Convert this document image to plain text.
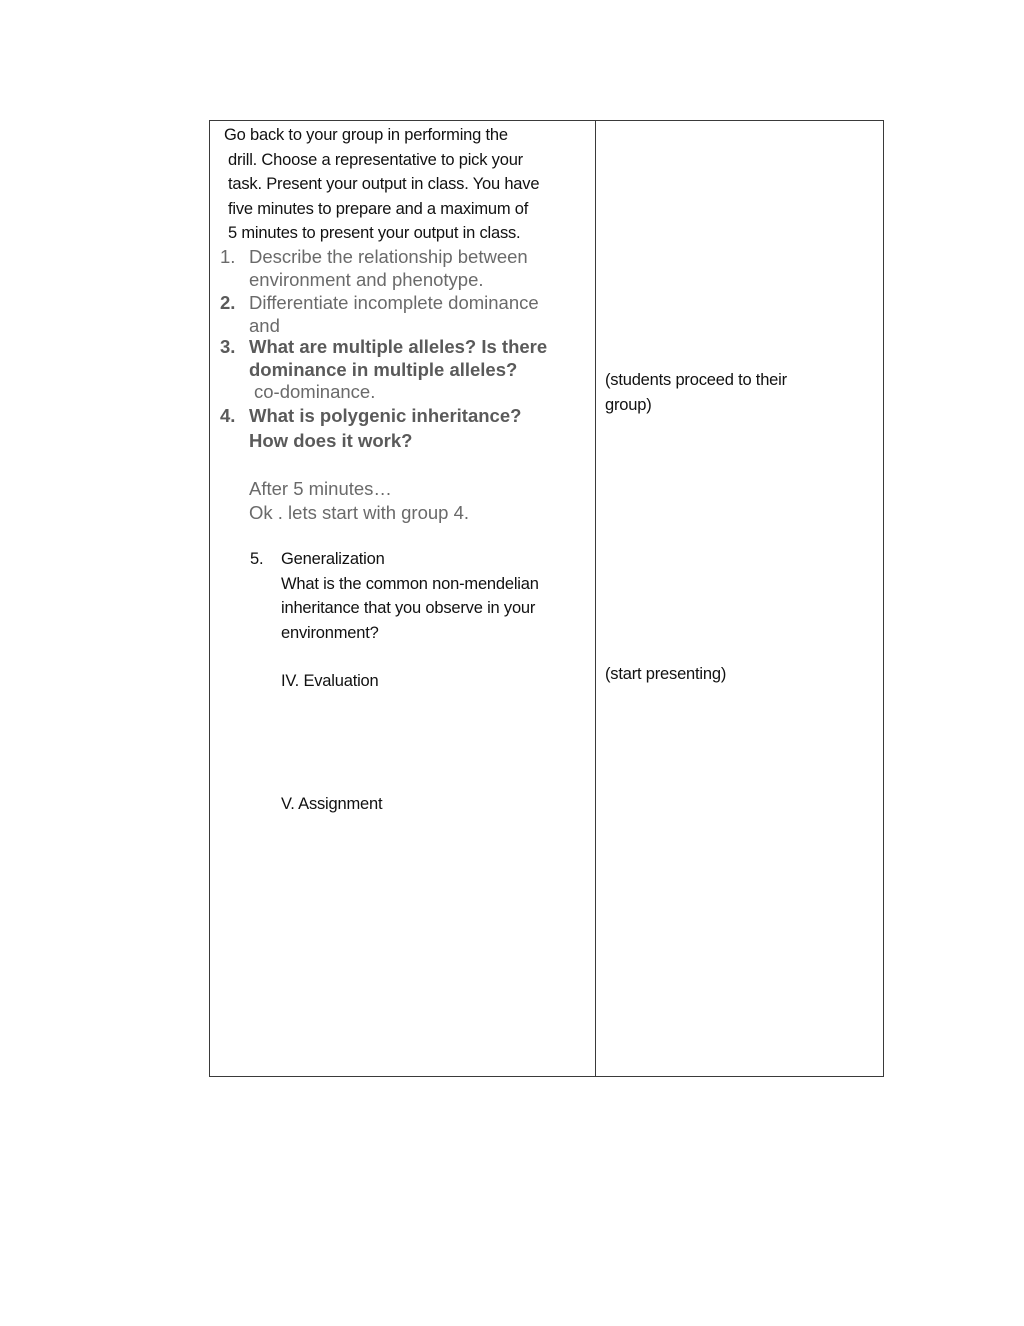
Go back to your group in performing the
drill. Choose a representative to pick your
task. Present your output in class. You have
five minutes to prepare and a maximum of
5 minutes to present your output in class.
1. Describe the relationship between
environment and phenotype.
2. Differentiate incomplete dominance
and
3. What are multiple alleles? Is there
dominance in multiple alleles?
co-dominance.
4. What is polygenic inheritance?
How does it work?
After 5 minutes…
Ok . lets start with group 4.
5. Generalization
What is the common non-mendelian
inheritance that you observe in your
environment?
IV. Evaluation
V. Assignment
(students proceed to their
group)
(start presenting)
